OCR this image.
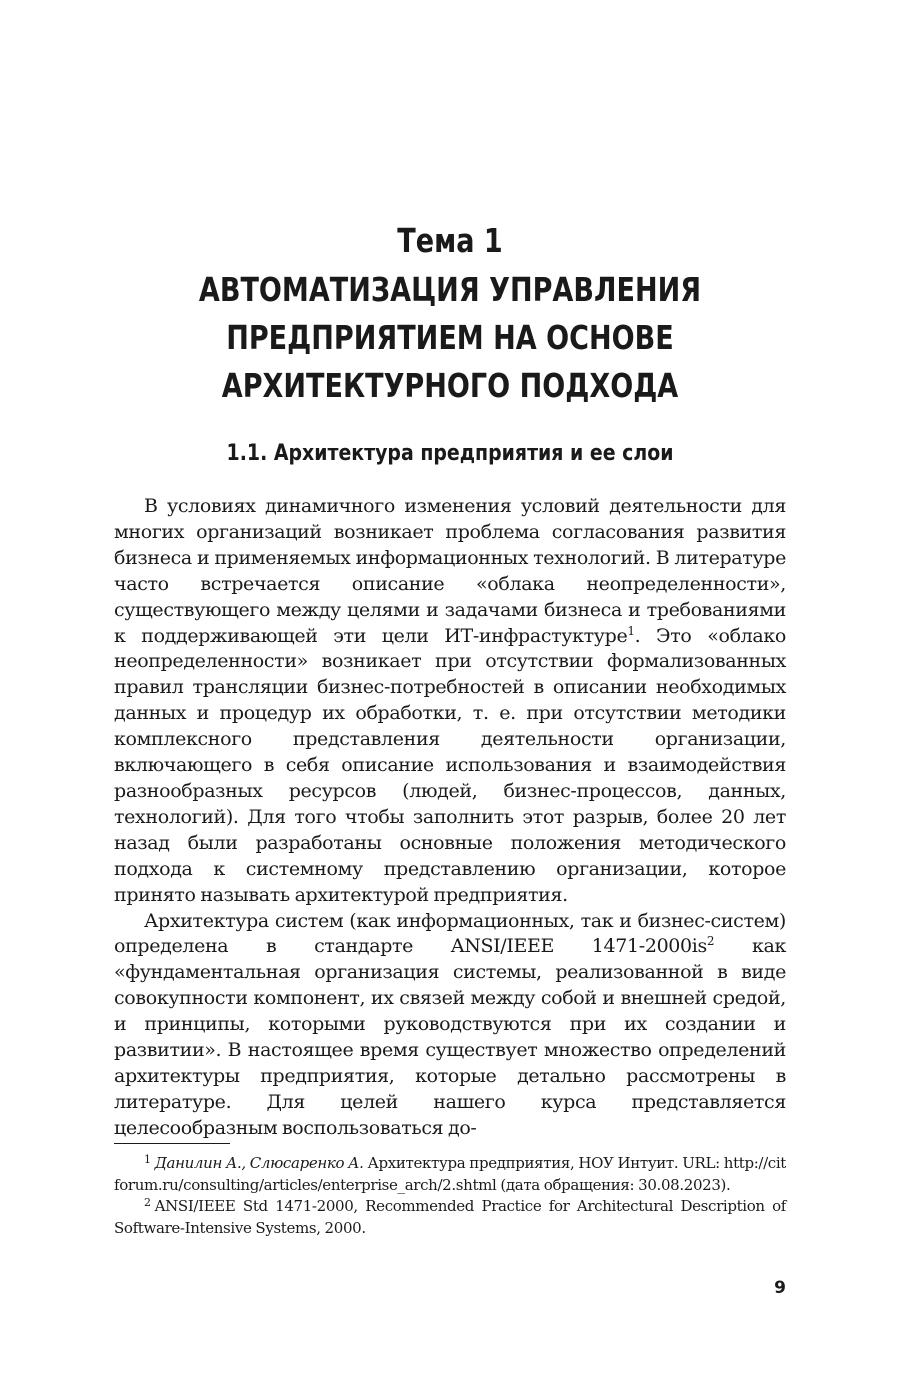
Тема 1
АВТОМАТИЗАЦИЯ УПРАВЛЕНИЯ
ПРЕДПРИЯТИЕМ НА ОСНОВЕ
АРХИТЕКТУРНОГО ПОДХОДА
1.1. Архитектура предприятия и ее слои

В условиях динамичного изменения условий деятельности для многих организаций возникает проблема согласования развития бизнеса и применяемых информационных технологий. В литературе часто встречается описание «облака неопределенности», существующего между целями и задачами бизнеса и требованиями к поддерживающей эти цели ИТ-инфрастуктуре$^1$. Это «облако неопределенности» возникает при отсутствии формализованных правил трансляции бизнес-потребностей в описании необходимых данных и процедур их обработки, т. е. при отсутствии методики комплексного представления деятельности организации, включающего в себя описание использования и взаимодействия разнообразных ресурсов (людей, бизнес-процессов, данных, технологий). Для того чтобы заполнить этот разрыв, более 20 лет назад были разработаны основные положения методического подхода к системному представлению организации, которое принято называть архитектурой предприятия.

Архитектура систем (как информационных, так и бизнес-систем) определена в стандарте ANSI/IEEE $1471-2000is^2$ как «фундаментальная организация системы, реализованной в виде совокупности компонент, их связей между собой и внешней средой, и принципы, которыми руководствуются при их создании и развитии». В настоящее время существует множество определений архитектуры предприятия, которые детально рассмотрены в литературе. Для целей нашего курса представляется целесообразным воспользоваться до-

$^1$ Данилин А., Слюсаренко А. Архитектура предприятия, НОУ Интуит. URL: http://citforum.ru/consulting/articles/enterprise_arch/2.shtml (дата обращения: 30.08.2023).

$^2$ ANSI/IEEE Std 1471-2000, Recommended Practice for Architectural Description of Software-Intensive Systems, 2000.

9
